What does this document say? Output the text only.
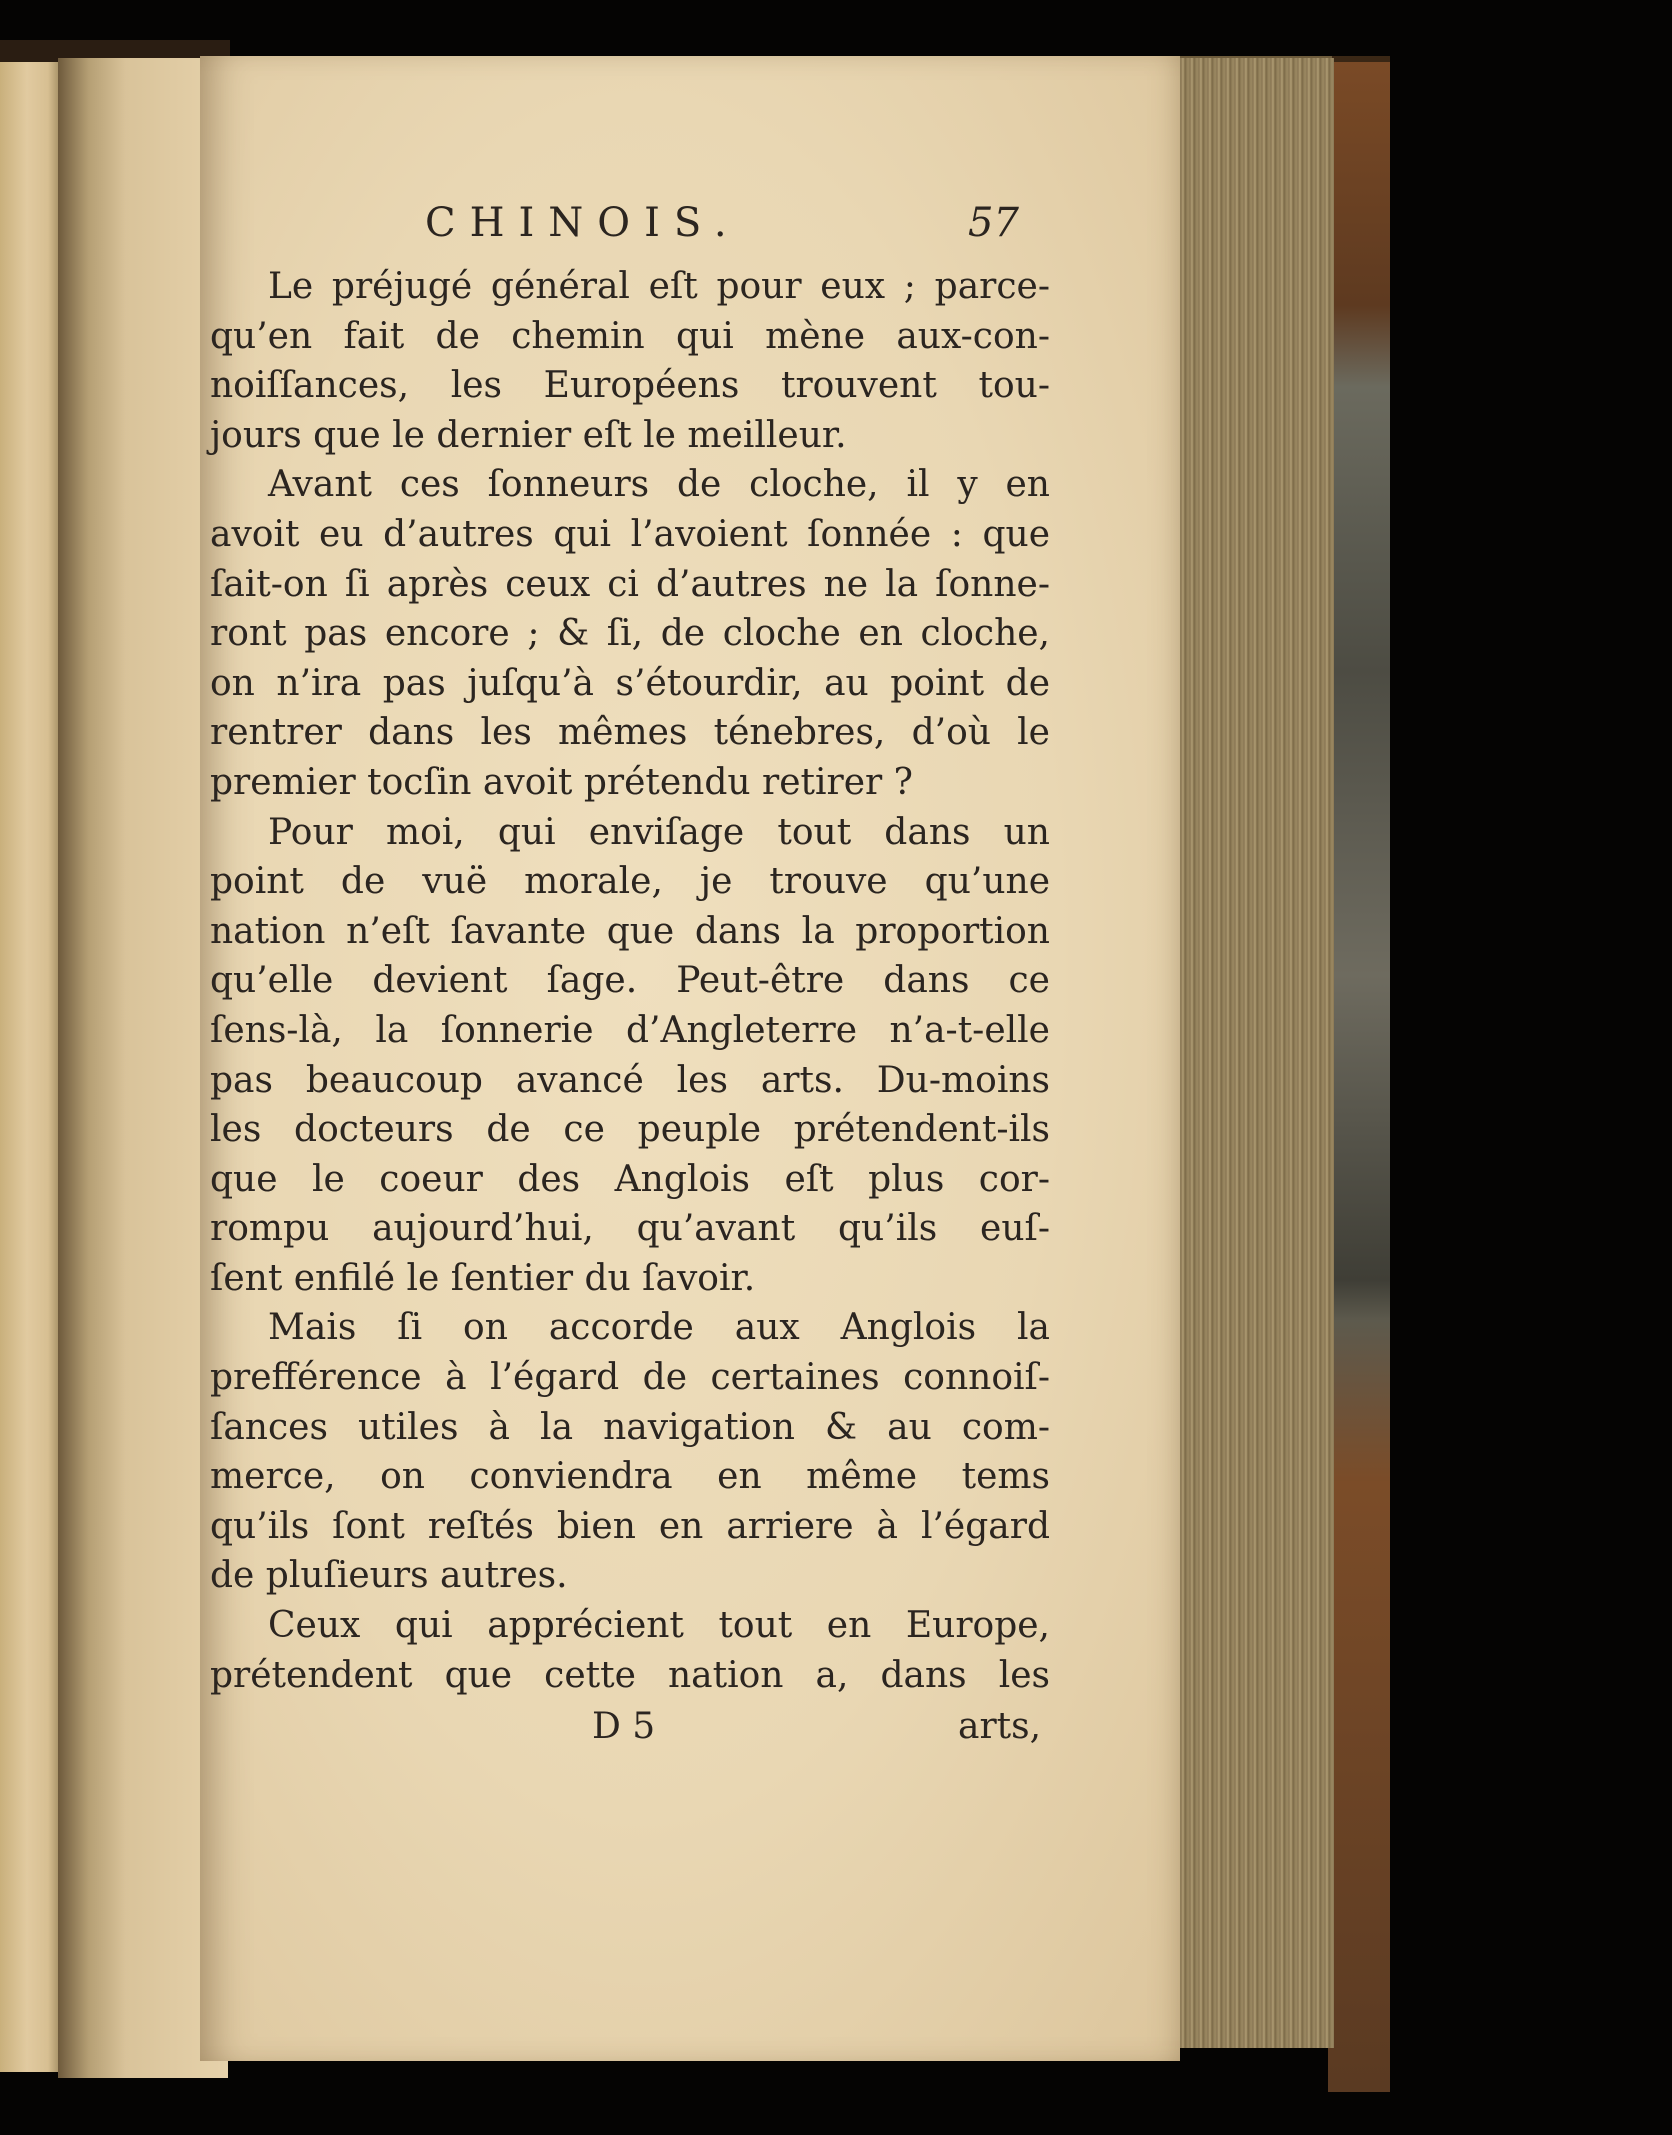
CHINOIS.	57
Le préjugé général eſt pour eux ; parce-
qu’en fait de chemin qui mène aux-con-
noiſſances, les Européens trouvent tou-
jours que le dernier eſt le meilleur.
Avant ces ſonneurs de cloche, il y en
avoit eu d’autres qui l’avoient ſonnée : que
ſait-on ſi après ceux ci d’autres ne la ſonne-
ront pas encore ; & ſi, de cloche en cloche,
on n’ira pas juſqu’à s’étourdir, au point de
rentrer dans les mêmes ténebres, d’où le
premier tocſin avoit prétendu retirer ?
Pour moi, qui enviſage tout dans un
point de vuë morale, je trouve qu’une
nation n’eſt ſavante que dans la proportion
qu’elle devient ſage. Peut-être dans ce
ſens-là, la ſonnerie d’Angleterre n’a-t-elle
pas beaucoup avancé les arts. Du-moins
les docteurs de ce peuple prétendent-ils
que le coeur des Anglois eſt plus cor-
rompu aujourd’hui, qu’avant qu’ils euſ-
ſent enfilé le ſentier du ſavoir.
Mais ſi on accorde aux Anglois la
prefférence à l’égard de certaines connoiſ-
ſances utiles à la navigation & au com-
merce, on conviendra en même tems
qu’ils ſont reſtés bien en arriere à l’égard
de pluſieurs autres.
Ceux qui apprécient tout en Europe,
prétendent que cette nation a, dans les
D 5	arts,
